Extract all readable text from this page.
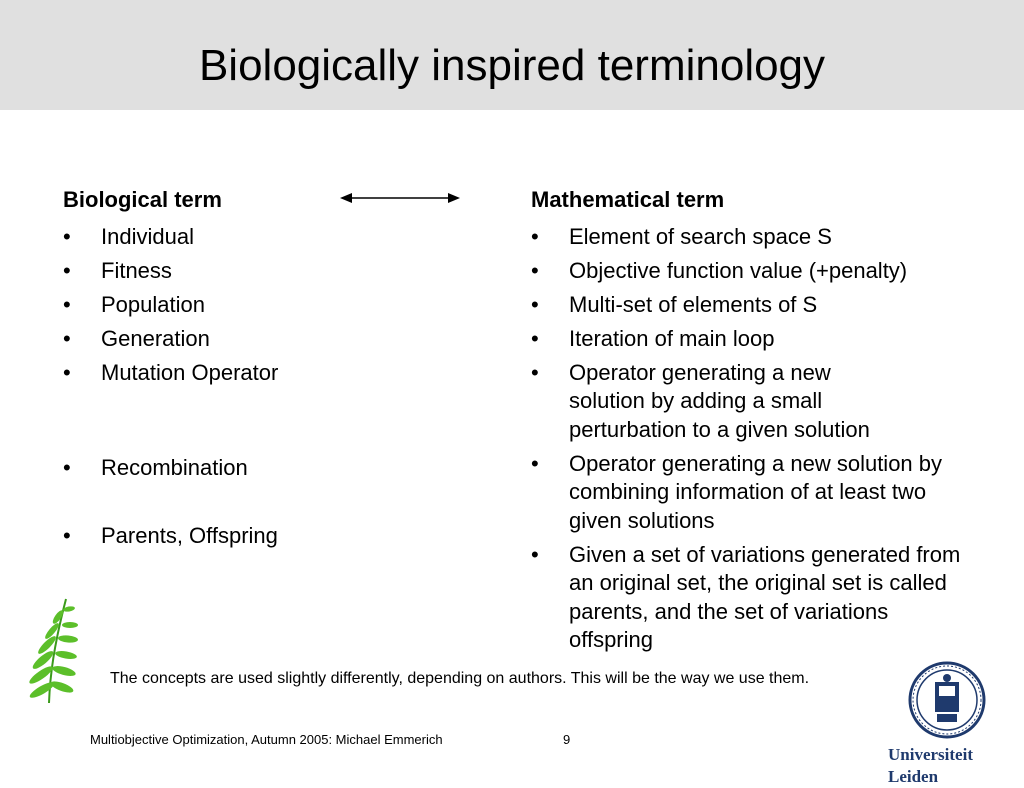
Biologically inspired terminology
Biological term
• Individual
• Fitness
• Population
• Generation
• Mutation Operator
• Recombination
• Parents, Offspring
Mathematical term
• Element of search space S
• Objective function value (+penalty)
• Multi-set of elements of S
• Iteration of main loop
• Operator generating a new solution by adding a small perturbation to a given solution
• Operator generating a new solution by combining information of at least two given solutions
• Given a set of variations generated from an original set, the original set is called parents, and the set of variations offspring
The concepts are used slightly differently, depending on authors. This will be the way we use them.
Multiobjective Optimization, Autumn 2005: Michael Emmerich	9
Universiteit Leiden
